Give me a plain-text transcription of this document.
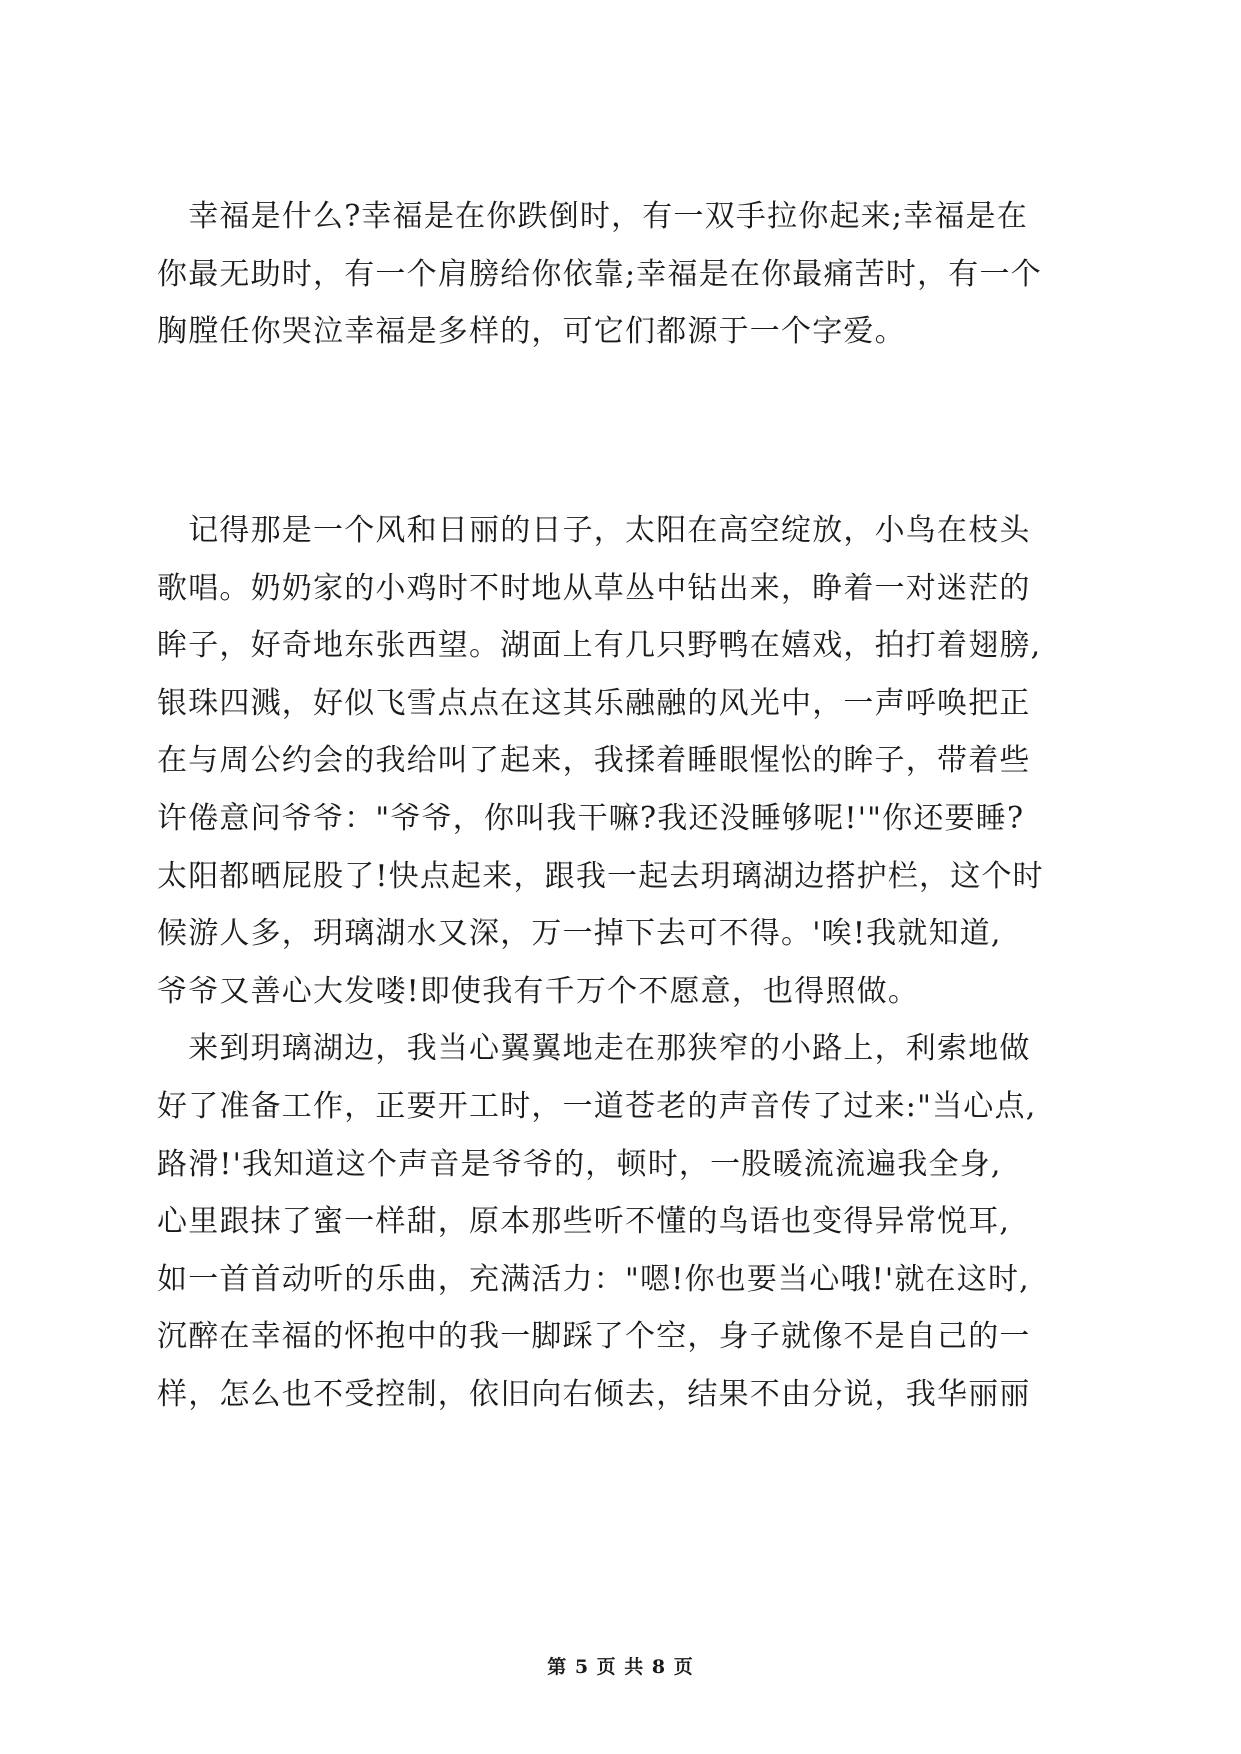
　幸福是什么?幸福是在你跌倒时，有一双手拉你起来;幸福是在
你最无助时，有一个肩膀给你依靠;幸福是在你最痛苦时，有一个
胸膛任你哭泣幸福是多样的，可它们都源于一个字爱。

　记得那是一个风和日丽的日子，太阳在高空绽放，小鸟在枝头
歌唱。奶奶家的小鸡时不时地从草丛中钻出来，睁着一对迷茫的
眸子，好奇地东张西望。湖面上有几只野鸭在嬉戏，拍打着翅膀,
银珠四溅，好似飞雪点点在这其乐融融的风光中，一声呼唤把正
在与周公约会的我给叫了起来，我揉着睡眼惺忪的眸子，带着些
许倦意问爷爷："爷爷，你叫我干嘛?我还没睡够呢!'"你还要睡?
太阳都晒屁股了!快点起来，跟我一起去玥璃湖边搭护栏，这个时
候游人多，玥璃湖水又深，万一掉下去可不得。'唉!我就知道,
爷爷又善心大发喽!即使我有千万个不愿意，也得照做。

　来到玥璃湖边，我当心翼翼地走在那狭窄的小路上，利索地做
好了准备工作，正要开工时，一道苍老的声音传了过来:"当心点,
路滑!'我知道这个声音是爷爷的，顿时，一股暖流流遍我全身,
心里跟抹了蜜一样甜，原本那些听不懂的鸟语也变得异常悦耳,
如一首首动听的乐曲，充满活力："嗯!你也要当心哦!'就在这时,
沉醉在幸福的怀抱中的我一脚踩了个空，身子就像不是自己的一
样，怎么也不受控制，依旧向右倾去，结果不由分说，我华丽丽

第 5 页 共 8 页
